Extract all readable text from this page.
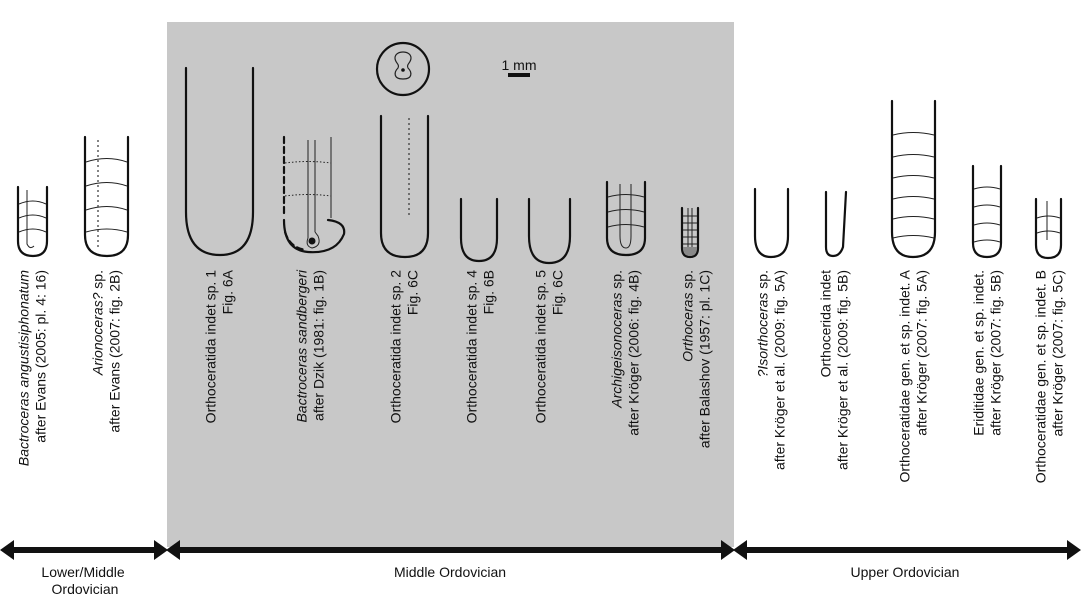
1 mm
Bactroceras angustisiphonatum after Evans (2005: pl. 4: 16)	Arionoceras? sp. after Evans (2007: fig. 2B)	Orthoceratida indet sp. 1 Fig. 6A	Bactroceras sandbergeri after Dzik (1981: fig. 1B)	Orthoceratida indet sp. 2 Fig. 6C	Orthoceratida indet sp. 4 Fig. 6B	Orthoceratida indet sp. 5 Fig. 6C
Archigeisonoceras sp. after Kröger (2006: fig. 4B)	Orthoceras sp. after Balashov (1957: pl. 1C)	?Isorthoceras sp. after Kröger et al. (2009: fig. 5A) Orthocerida indet after Kröger et al. (2009: fig. 5B)	Orthoceratidae gen. et sp. indet. A after Kröger (2007: fig. 5A)	Eriditidae gen. et sp. indet. after Kröger (2007: fig. 5B) Orthoceratidae gen. et sp. indet. B after Kröger (2007: fig. 5C)
Lower/Middle Ordovician
Middle Ordovician	Upper Ordovician
